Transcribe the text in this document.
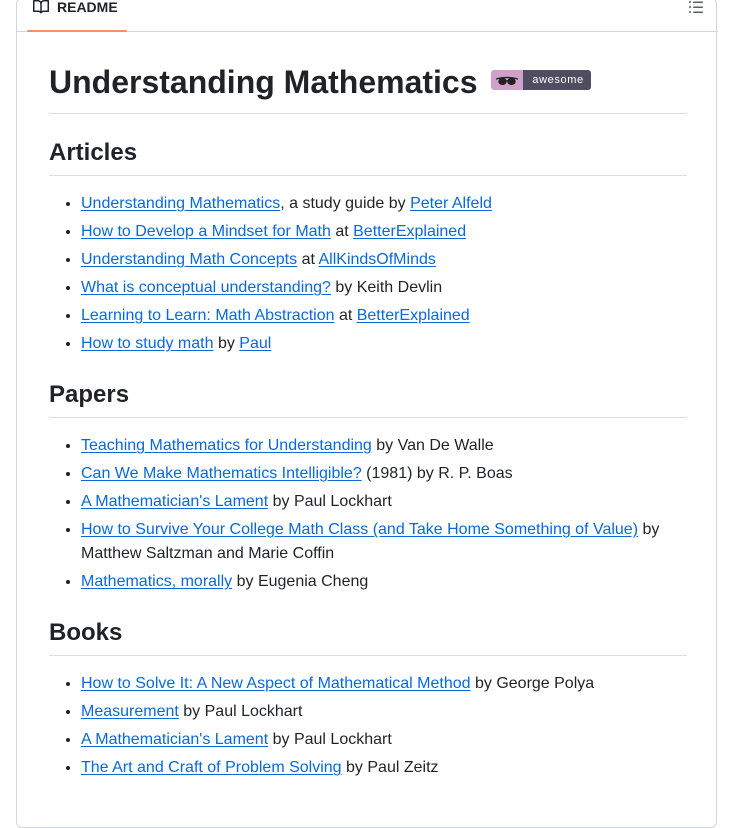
README
Understanding Mathematics	awesome
Articles
• Understanding Mathematics, a study guide by Peter Alfeld
• How to Develop a Mindset for Math at BetterExplained
• Understanding Math Concepts at AllKindsOfMinds
• What is conceptual understanding? by Keith Devlin
• Learning to Learn: Math Abstraction at BetterExplained
• How to study math by Paul
Papers
• Teaching Mathematics for Understanding by Van De Walle
• Can We Make Mathematics Intelligible? (1981) by R. P. Boas
• A Mathematician's Lament by Paul Lockhart
• How to Survive Your College Math Class (and Take Home Something of Value) by Matthew Saltzman and Marie Coffin
• Mathematics, morally by Eugenia Cheng
Books
• How to Solve It: A New Aspect of Mathematical Method by George Polya
• Measurement by Paul Lockhart
• A Mathematician's Lament by Paul Lockhart
• The Art and Craft of Problem Solving by Paul Zeitz
